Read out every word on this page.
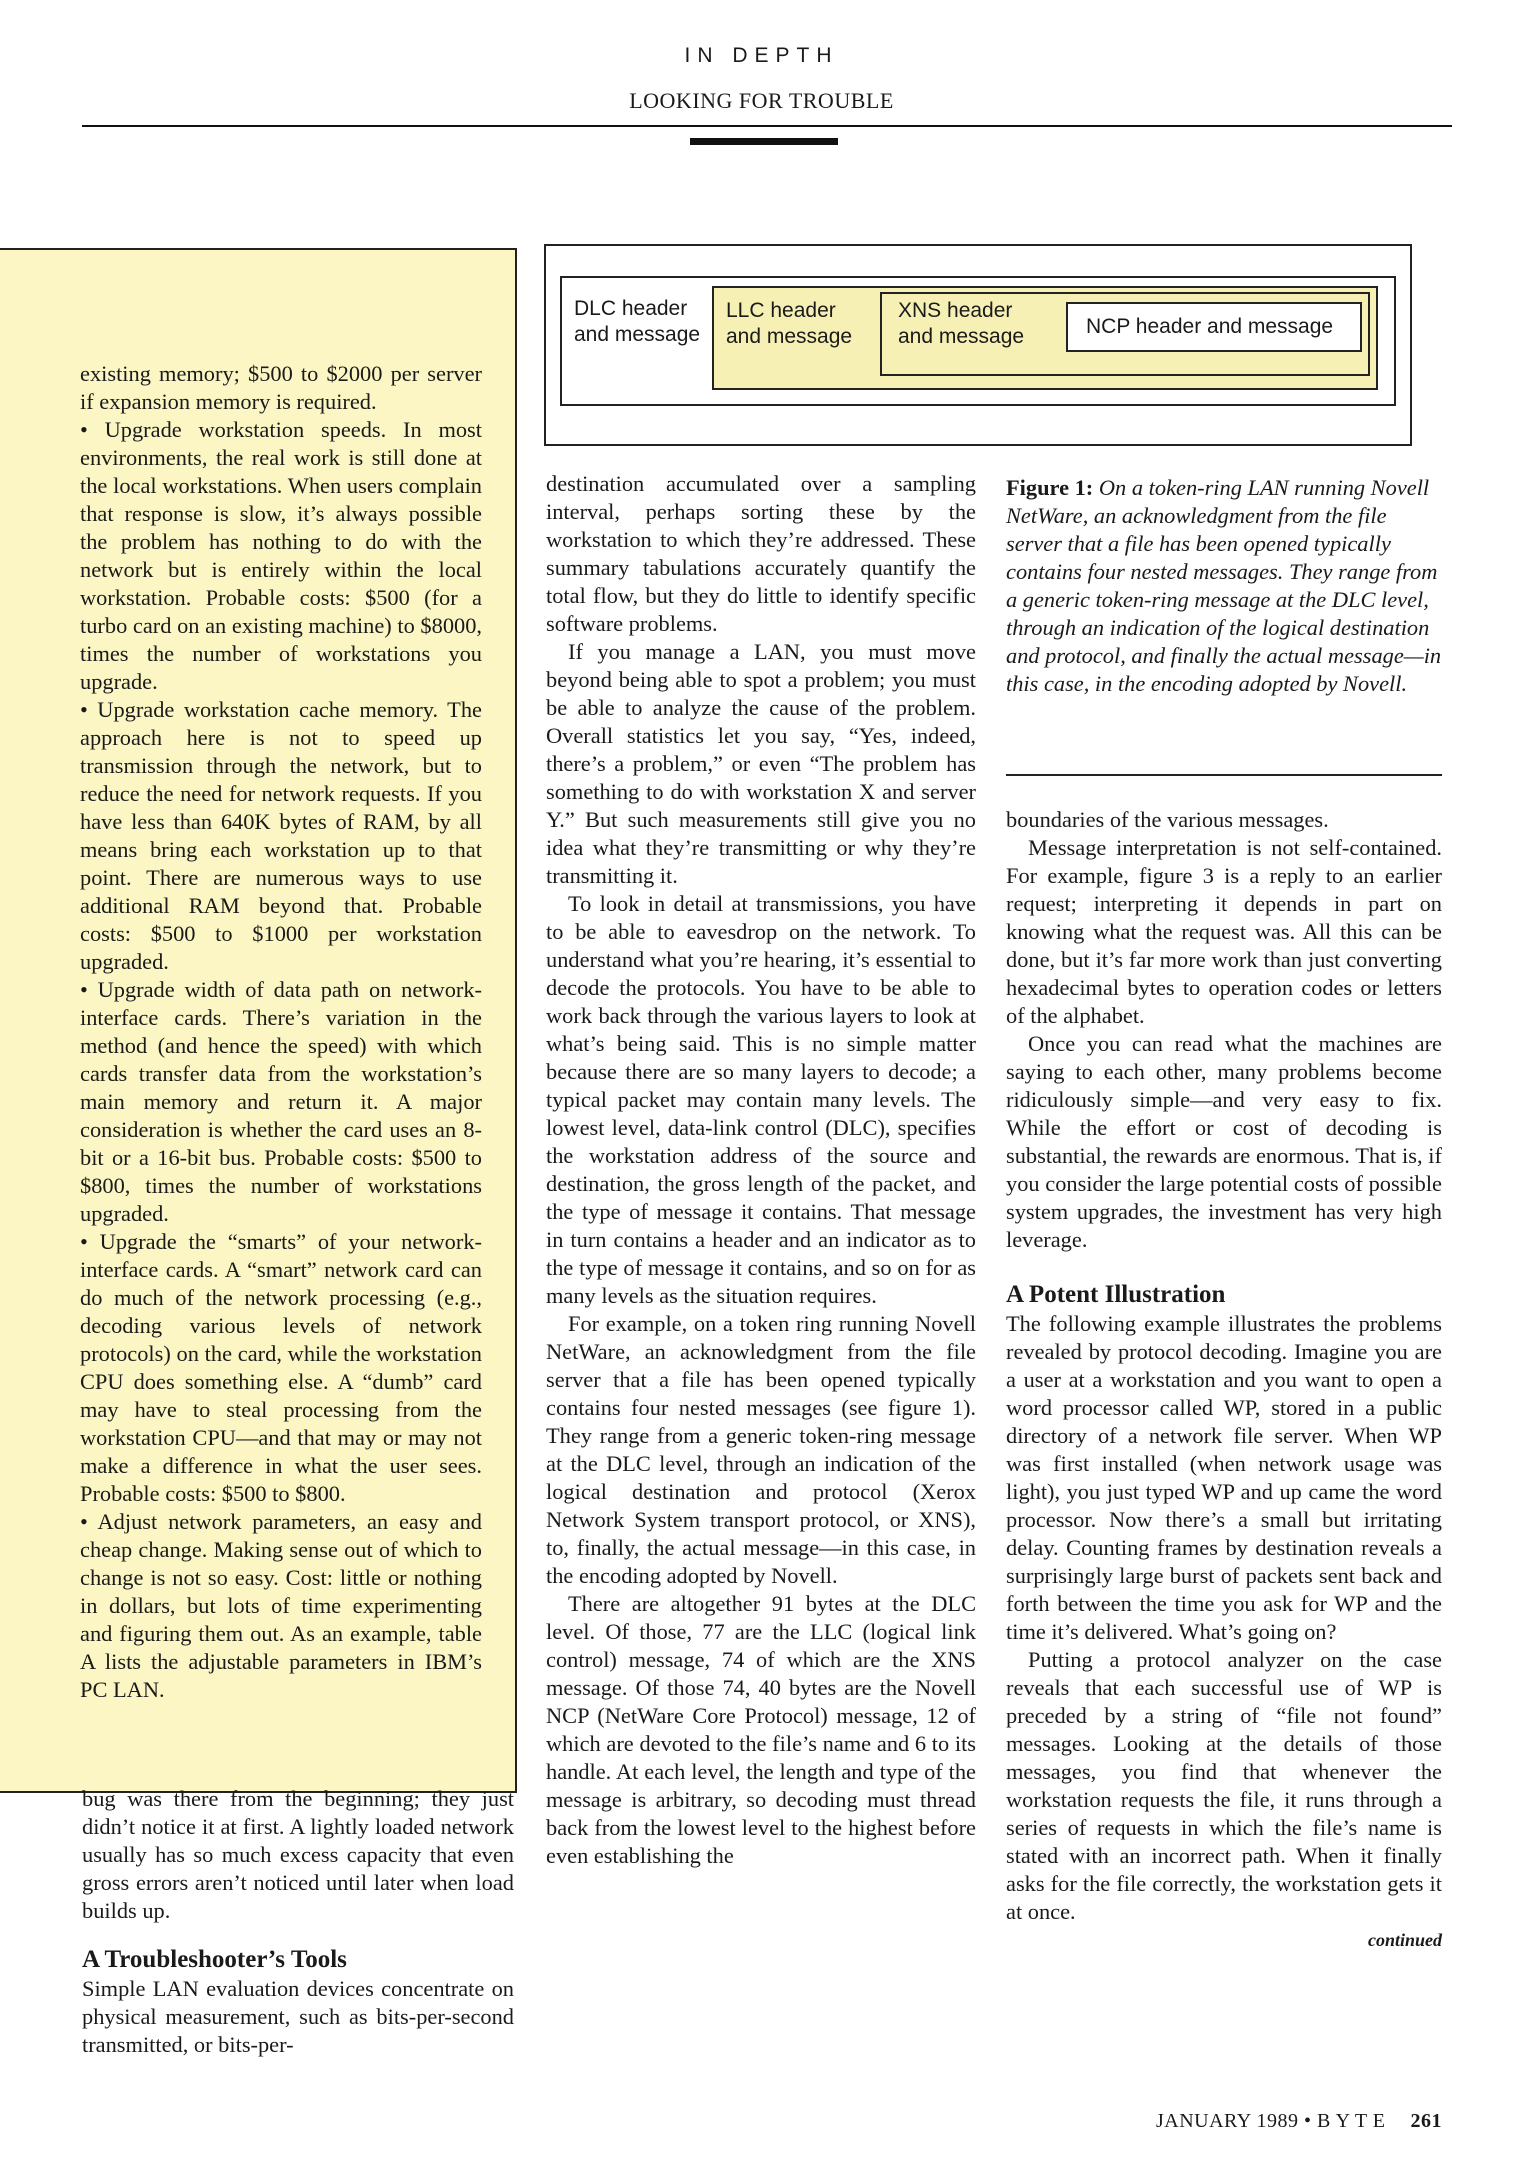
IN DEPTH
LOOKING FOR TROUBLE

existing memory; $500 to $2000 per server if expansion memory is required.

• Upgrade workstation speeds. In most environments, the real work is still done at the local workstations. When users complain that response is slow, it’s always possible the problem has nothing to do with the network but is entirely within the local workstation. Probable costs: $500 (for a turbo card on an existing machine) to $8000, times the number of workstations you upgrade.

• Upgrade workstation cache memory. The approach here is not to speed up transmission through the network, but to reduce the need for network requests. If you have less than 640K bytes of RAM, by all means bring each workstation up to that point. There are numerous ways to use additional RAM beyond that. Probable costs: $500 to $1000 per workstation upgraded.

• Upgrade width of data path on network-interface cards. There’s variation in the method (and hence the speed) with which cards transfer data from the workstation’s main memory and return it. A major consideration is whether the card uses an 8-bit or a 16-bit bus. Probable costs: $500 to $800, times the number of workstations upgraded.

• Upgrade the “smarts” of your network-interface cards. A “smart” network card can do much of the network processing (e.g., decoding various levels of network protocols) on the card, while the workstation CPU does something else. A “dumb” card may have to steal processing from the workstation CPU—and that may or may not make a difference in what the user sees. Probable costs: $500 to $800.

• Adjust network parameters, an easy and cheap change. Making sense out of which to change is not so easy. Cost: little or nothing in dollars, but lots of time experimenting and figuring them out. As an example, table A lists the adjustable parameters in IBM’s PC LAN.

DLC header and message
LLC header and message
XNS header and message	NCP header and message
Figure 1: On a token-ring LAN running Novell NetWare, an acknowledgment from the file server that a file has been opened typically contains four nested messages. They range from a generic token-ring message at the DLC level, through an indication of the logical destination and protocol, and finally the actual message—in this case, in the encoding adopted by Novell.

destination accumulated over a sampling interval, perhaps sorting these by the workstation to which they’re addressed. These summary tabulations accurately quantify the total flow, but they do little to identify specific software problems.

If you manage a LAN, you must move beyond being able to spot a problem; you must be able to analyze the cause of the problem. Overall statistics let you say, “Yes, indeed, there’s a problem,” or even “The problem has something to do with workstation X and server Y.” But such measurements still give you no idea what they’re transmitting or why they’re transmitting it.

To look in detail at transmissions, you have to be able to eavesdrop on the network. To understand what you’re hearing, it’s essential to decode the protocols. You have to be able to work back through the various layers to look at what’s being said. This is no simple matter because there are so many layers to decode; a typical packet may contain many levels. The lowest level, data-link control (DLC), specifies the workstation address of the source and destination, the gross length of the packet, and the type of message it contains. That message in turn contains a header and an indicator as to the type of message it contains, and so on for as many levels as the situation requires.

For example, on a token ring running Novell NetWare, an acknowledgment from the file server that a file has been opened typically contains four nested messages (see figure 1). They range from a generic token-ring message at the DLC level, through an indication of the logical destination and protocol (Xerox Network System transport protocol, or XNS), to, finally, the actual message—in this case, in the encoding adopted by Novell.

There are altogether 91 bytes at the DLC level. Of those, 77 are the LLC (logical link control) message, 74 of which are the XNS message. Of those 74, 40 bytes are the Novell NCP (NetWare Core Protocol) message, 12 of which are devoted to the file’s name and 6 to its handle. At each level, the length and type of the message is arbitrary, so decoding must thread back from the lowest level to the highest before even establishing the

boundaries of the various messages.

Message interpretation is not self-contained. For example, figure 3 is a reply to an earlier request; interpreting it depends in part on knowing what the request was. All this can be done, but it’s far more work than just converting hexadecimal bytes to operation codes or letters of the alphabet.

Once you can read what the machines are saying to each other, many problems become ridiculously simple—and very easy to fix. While the effort or cost of decoding is substantial, the rewards are enormous. That is, if you consider the large potential costs of possible system upgrades, the investment has very high leverage.

A Potent Illustration

The following example illustrates the problems revealed by protocol decoding. Imagine you are a user at a workstation and you want to open a word processor called WP, stored in a public directory of a network file server. When WP was first installed (when network usage was light), you just typed WP and up came the word processor. Now there’s a small but irritating delay. Counting frames by destination reveals a surprisingly large burst of packets sent back and forth between the time you ask for WP and the time it’s delivered. What’s going on?

Putting a protocol analyzer on the case reveals that each successful use of WP is preceded by a string of “file not found” messages. Looking at the details of those messages, you find that whenever the workstation requests the file, it runs through a series of requests in which the file’s name is stated with an incorrect path. When it finally asks for the file correctly, the workstation gets it at once.

continued

bug was there from the beginning; they just didn’t notice it at first. A lightly loaded network usually has so much excess capacity that even gross errors aren’t noticed until later when load builds up.

A Troubleshooter’s Tools

Simple LAN evaluation devices concentrate on physical measurement, such as bits-per-second transmitted, or bits-per-

JANUARY 1989 • B Y T E 261
